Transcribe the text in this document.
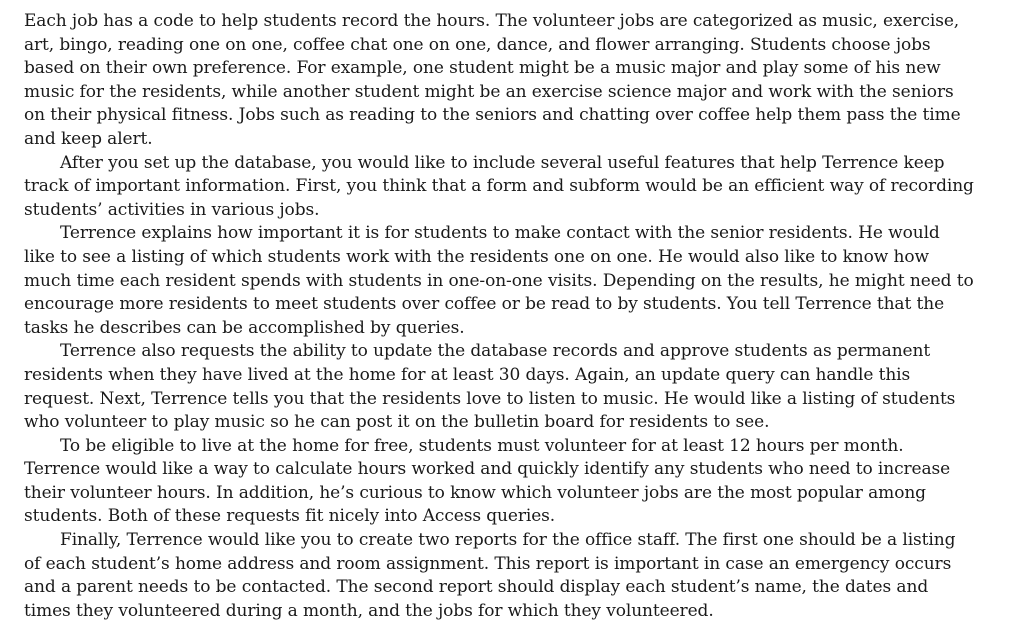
Each job has a code to help students record the hours. The volunteer jobs are categorized as music, exercise, art, bingo, reading one on one, coffee chat one on one, dance, and flower arranging. Students choose jobs based on their own preference. For example, one student might be a music major and play some of his new music for the residents, while another student might be an exercise science major and work with the seniors on their physical fitness. Jobs such as reading to the seniors and chatting over coffee help them pass the time and keep alert.

After you set up the database, you would like to include several useful features that help Terrence keep track of important information. First, you think that a form and subform would be an efficient way of recording students’ activities in various jobs.

Terrence explains how important it is for students to make contact with the senior residents. He would like to see a listing of which students work with the residents one on one. He would also like to know how much time each resident spends with students in one-on-one visits. Depending on the results, he might need to encourage more residents to meet students over coffee or be read to by students. You tell Terrence that the tasks he describes can be accomplished by queries.

Terrence also requests the ability to update the database records and approve students as permanent residents when they have lived at the home for at least 30 days. Again, an update query can handle this request. Next, Terrence tells you that the residents love to listen to music. He would like a listing of students who volunteer to play music so he can post it on the bulletin board for residents to see.

To be eligible to live at the home for free, students must volunteer for at least 12 hours per month. Terrence would like a way to calculate hours worked and quickly identify any students who need to increase their volunteer hours. In addition, he’s curious to know which volunteer jobs are the most popular among students. Both of these requests fit nicely into Access queries.

Finally, Terrence would like you to create two reports for the office staff. The first one should be a listing of each student’s home address and room assignment. This report is important in case an emergency occurs and a parent needs to be contacted. The second report should display each student’s name, the dates and times they volunteered during a month, and the jobs for which they volunteered.
